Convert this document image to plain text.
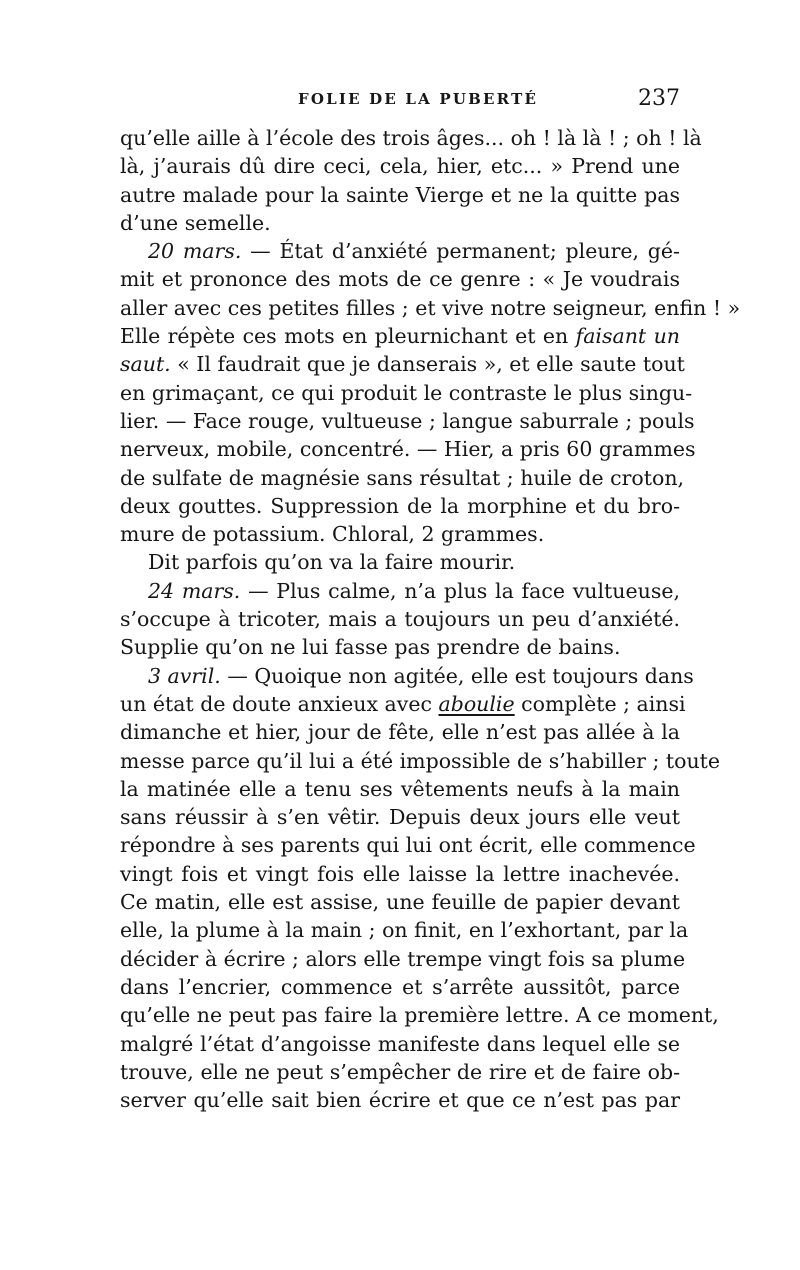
FOLIE DE LA PUBERTÉ	237
qu’elle aille à l’école des trois âges... oh ! là là ! ; oh ! là
là, j’aurais dû dire ceci, cela, hier, etc... » Prend une
autre malade pour la sainte Vierge et ne la quitte pas
d’une semelle.
20 mars. — État d’anxiété permanent; pleure, gé-
mit et prononce des mots de ce genre : « Je voudrais
aller avec ces petites filles ; et vive notre seigneur, enfin ! »
Elle répète ces mots en pleurnichant et en faisant un
saut. « Il faudrait que je danserais », et elle saute tout
en grimaçant, ce qui produit le contraste le plus singu-
lier. — Face rouge, vultueuse ; langue saburrale ; pouls
nerveux, mobile, concentré. — Hier, a pris 60 grammes
de sulfate de magnésie sans résultat ; huile de croton,
deux gouttes. Suppression de la morphine et du bro-
mure de potassium. Chloral, 2 grammes.
Dit parfois qu’on va la faire mourir.
24 mars. — Plus calme, n’a plus la face vultueuse,
s’occupe à tricoter, mais a toujours un peu d’anxiété.
Supplie qu’on ne lui fasse pas prendre de bains.
3 avril. — Quoique non agitée, elle est toujours dans
un état de doute anxieux avec aboulie complète ; ainsi
dimanche et hier, jour de fête, elle n’est pas allée à la
messe parce qu’il lui a été impossible de s’habiller ; toute
la matinée elle a tenu ses vêtements neufs à la main
sans réussir à s’en vêtir. Depuis deux jours elle veut
répondre à ses parents qui lui ont écrit, elle commence
vingt fois et vingt fois elle laisse la lettre inachevée.
Ce matin, elle est assise, une feuille de papier devant
elle, la plume à la main ; on finit, en l’exhortant, par la
décider à écrire ; alors elle trempe vingt fois sa plume
dans l’encrier, commence et s’arrête aussitôt, parce
qu’elle ne peut pas faire la première lettre. A ce moment,
malgré l’état d’angoisse manifeste dans lequel elle se
trouve, elle ne peut s’empêcher de rire et de faire ob-
server qu’elle sait bien écrire et que ce n’est pas par
